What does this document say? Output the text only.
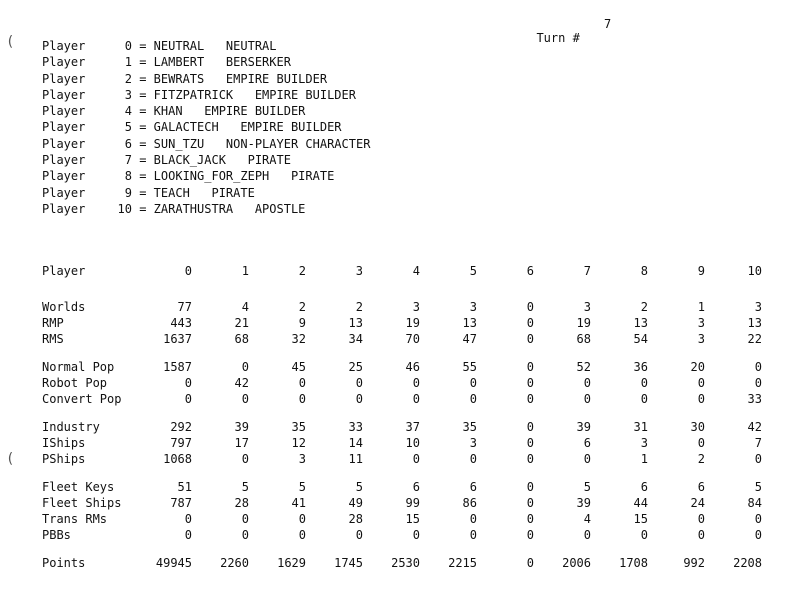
Turn #

7

(
(
Player	0 = NEUTRAL   NEUTRAL
Player	1 = LAMBERT   BERSERKER
Player	2 = BEWRATS   EMPIRE BUILDER
Player	3 = FITZPATRICK   EMPIRE BUILDER
Player	4 = KHAN   EMPIRE BUILDER
Player	5 = GALACTECH   EMPIRE BUILDER
Player	6 = SUN_TZU   NON-PLAYER CHARACTER
Player	7 = BLACK_JACK   PIRATE
Player	8 = LOOKING_FOR_ZEPH   PIRATE
Player	9 = TEACH   PIRATE
Player	10 = ZARATHUSTRA   APOSTLE
Player	0	1	2	3	4	5	6	7	8	9	10

Worlds	77	4	2	2	3	3	0	3	2	1	3
RMP	443	21	9	13	19	13	0	19	13	3	13
RMS	1637	68	32	34	70	47	0	68	54	3	22

Normal Pop	1587	0	45	25	46	55	0	52	36	20	0
Robot Pop	0	42	0	0	0	0	0	0	0	0	0
Convert Pop	0	0	0	0	0	0	0	0	0	0	33

Industry	292	39	35	33	37	35	0	39	31	30	42
IShips	797	17	12	14	10	3	0	6	3	0	7
PShips	1068	0	3	11	0	0	0	0	1	2	0

Fleet Keys	51	5	5	5	6	6	0	5	6	6	5
Fleet Ships	787	28	41	49	99	86	0	39	44	24	84
Trans RMs	0	0	0	28	15	0	0	4	15	0	0
PBBs	0	0	0	0	0	0	0	0	0	0	0

Points	49945	2260	1629	1745	2530	2215	0	2006	1708	992	2208
